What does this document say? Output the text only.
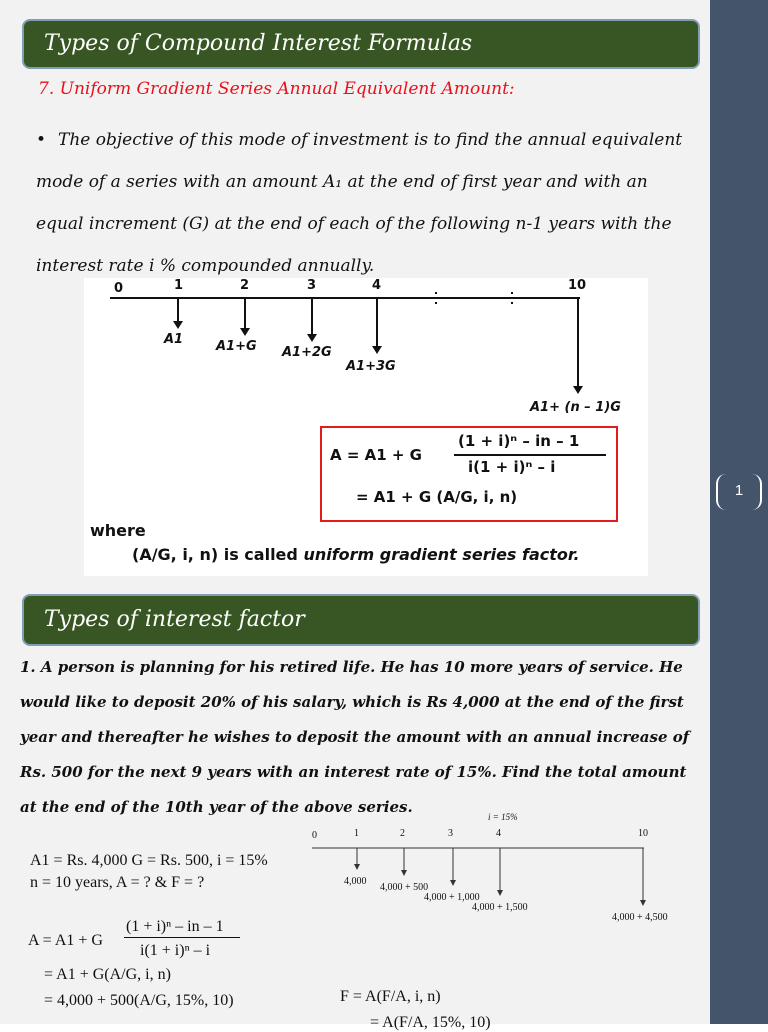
Types of Compound Interest Formulas
7. Uniform Gradient Series Annual Equivalent Amount:
• The objective of this mode of investment is to find the annual equivalent mode of a series with an amount A₁ at the end of first year and with an equal increment (G) at the end of each of the following n-1 years with the interest rate i % compounded annually.
0	1	2	3	4	10
A1	A1+G A1+2G
A1+3G
A1+ (n – 1)G
A = A1 + G
(1 + i)ⁿ – in – 1
i(1 + i)ⁿ – i
= A1 + G (A/G, i, n)
where
(A/G, i, n) is called uniform gradient series factor.
Types of interest factor
1. A person is planning for his retired life. He has 10 more years of service. He would like to deposit 20% of his salary, which is Rs 4,000 at the end of the first year and thereafter he wishes to deposit the amount with an annual increase of Rs. 500 for the next 9 years with an interest rate of 15%. Find the total amount at the end of the 10th year of the above series.
i = 15%
0	1	2	3	4	10
4,000
4,000 + 500
4,000 + 1,000
4,000 + 1,500
4,000 + 4,500
A1 = Rs. 4,000 G = Rs. 500, i = 15%
n = 10 years, A = ? & F = ?
A = A1 + G
(1 + i)ⁿ – in – 1
i(1 + i)ⁿ – i
= A1 + G(A/G, i, n)
= 4,000 + 500(A/G, 15%, 10)	F = A(F/A, i, n)
= A(F/A, 15%, 10)
1
